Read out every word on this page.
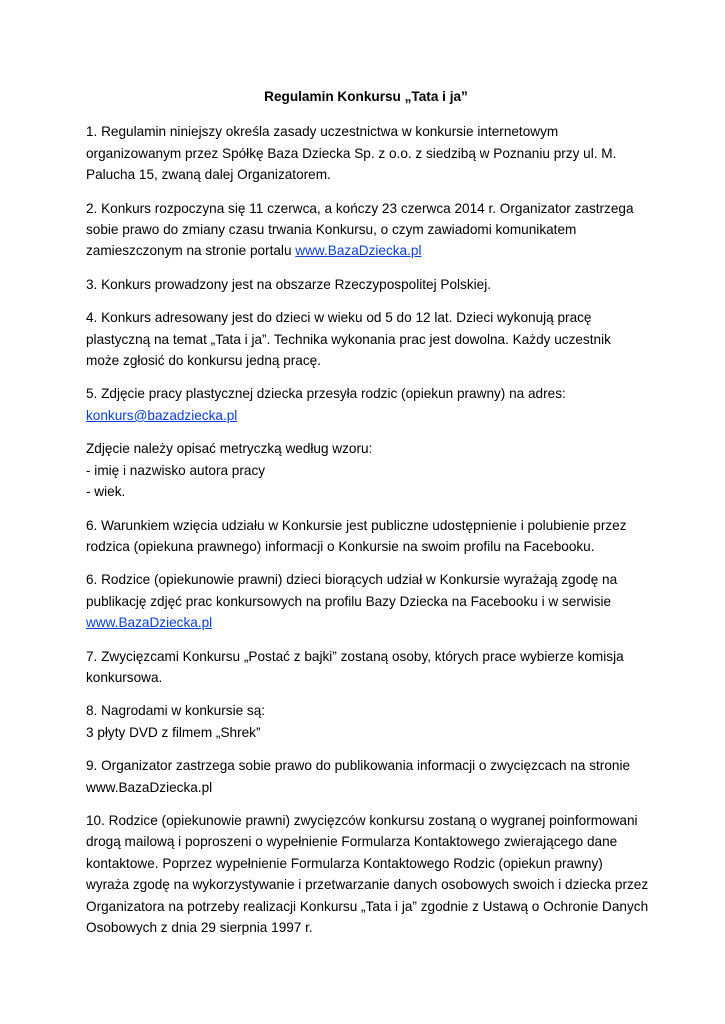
Regulamin Konkursu „Tata i ja”
1. Regulamin niniejszy określa zasady uczestnictwa w konkursie internetowym
organizowanym przez Spółkę Baza Dziecka Sp. z o.o. z siedzibą w Poznaniu przy ul. M.
Palucha 15, zwaną dalej Organizatorem.
2. Konkurs rozpoczyna się 11 czerwca, a kończy 23 czerwca 2014 r. Organizator zastrzega
sobie prawo do zmiany czasu trwania Konkursu, o czym zawiadomi komunikatem
zamieszczonym na stronie portalu www.BazaDziecka.pl
3. Konkurs prowadzony jest na obszarze Rzeczypospolitej Polskiej.
4. Konkurs adresowany jest do dzieci w wieku od 5 do 12 lat. Dzieci wykonują pracę
plastyczną na temat „Tata i ja”. Technika wykonania prac jest dowolna. Każdy uczestnik
może zgłosić do konkursu jedną pracę.
5. Zdjęcie pracy plastycznej dziecka przesyła rodzic (opiekun prawny) na adres:
konkurs@bazadziecka.pl
Zdjęcie należy opisać metryczką według wzoru:
- imię i nazwisko autora pracy
- wiek.
6. Warunkiem wzięcia udziału w Konkursie jest publiczne udostępnienie i polubienie przez
rodzica (opiekuna prawnego) informacji o Konkursie na swoim profilu na Facebooku.
6. Rodzice (opiekunowie prawni) dzieci biorących udział w Konkursie wyrażają zgodę na
publikację zdjęć prac konkursowych na profilu Bazy Dziecka na Facebooku i w serwisie
www.BazaDziecka.pl
7. Zwycięzcami Konkursu „Postać z bajki” zostaną osoby, których prace wybierze komisja
konkursowa.
8. Nagrodami w konkursie są:
3 płyty DVD z filmem „Shrek”
9. Organizator zastrzega sobie prawo do publikowania informacji o zwycięzcach na stronie
www.BazaDziecka.pl
10. Rodzice (opiekunowie prawni) zwycięzców konkursu zostaną o wygranej poinformowani
drogą mailową i poproszeni o wypełnienie Formularza Kontaktowego zwierającego dane
kontaktowe. Poprzez wypełnienie Formularza Kontaktowego Rodzic (opiekun prawny)
wyraża zgodę na wykorzystywanie i przetwarzanie danych osobowych swoich i dziecka przez
Organizatora na potrzeby realizacji Konkursu „Tata i ja” zgodnie z Ustawą o Ochronie Danych
Osobowych z dnia 29 sierpnia 1997 r.
